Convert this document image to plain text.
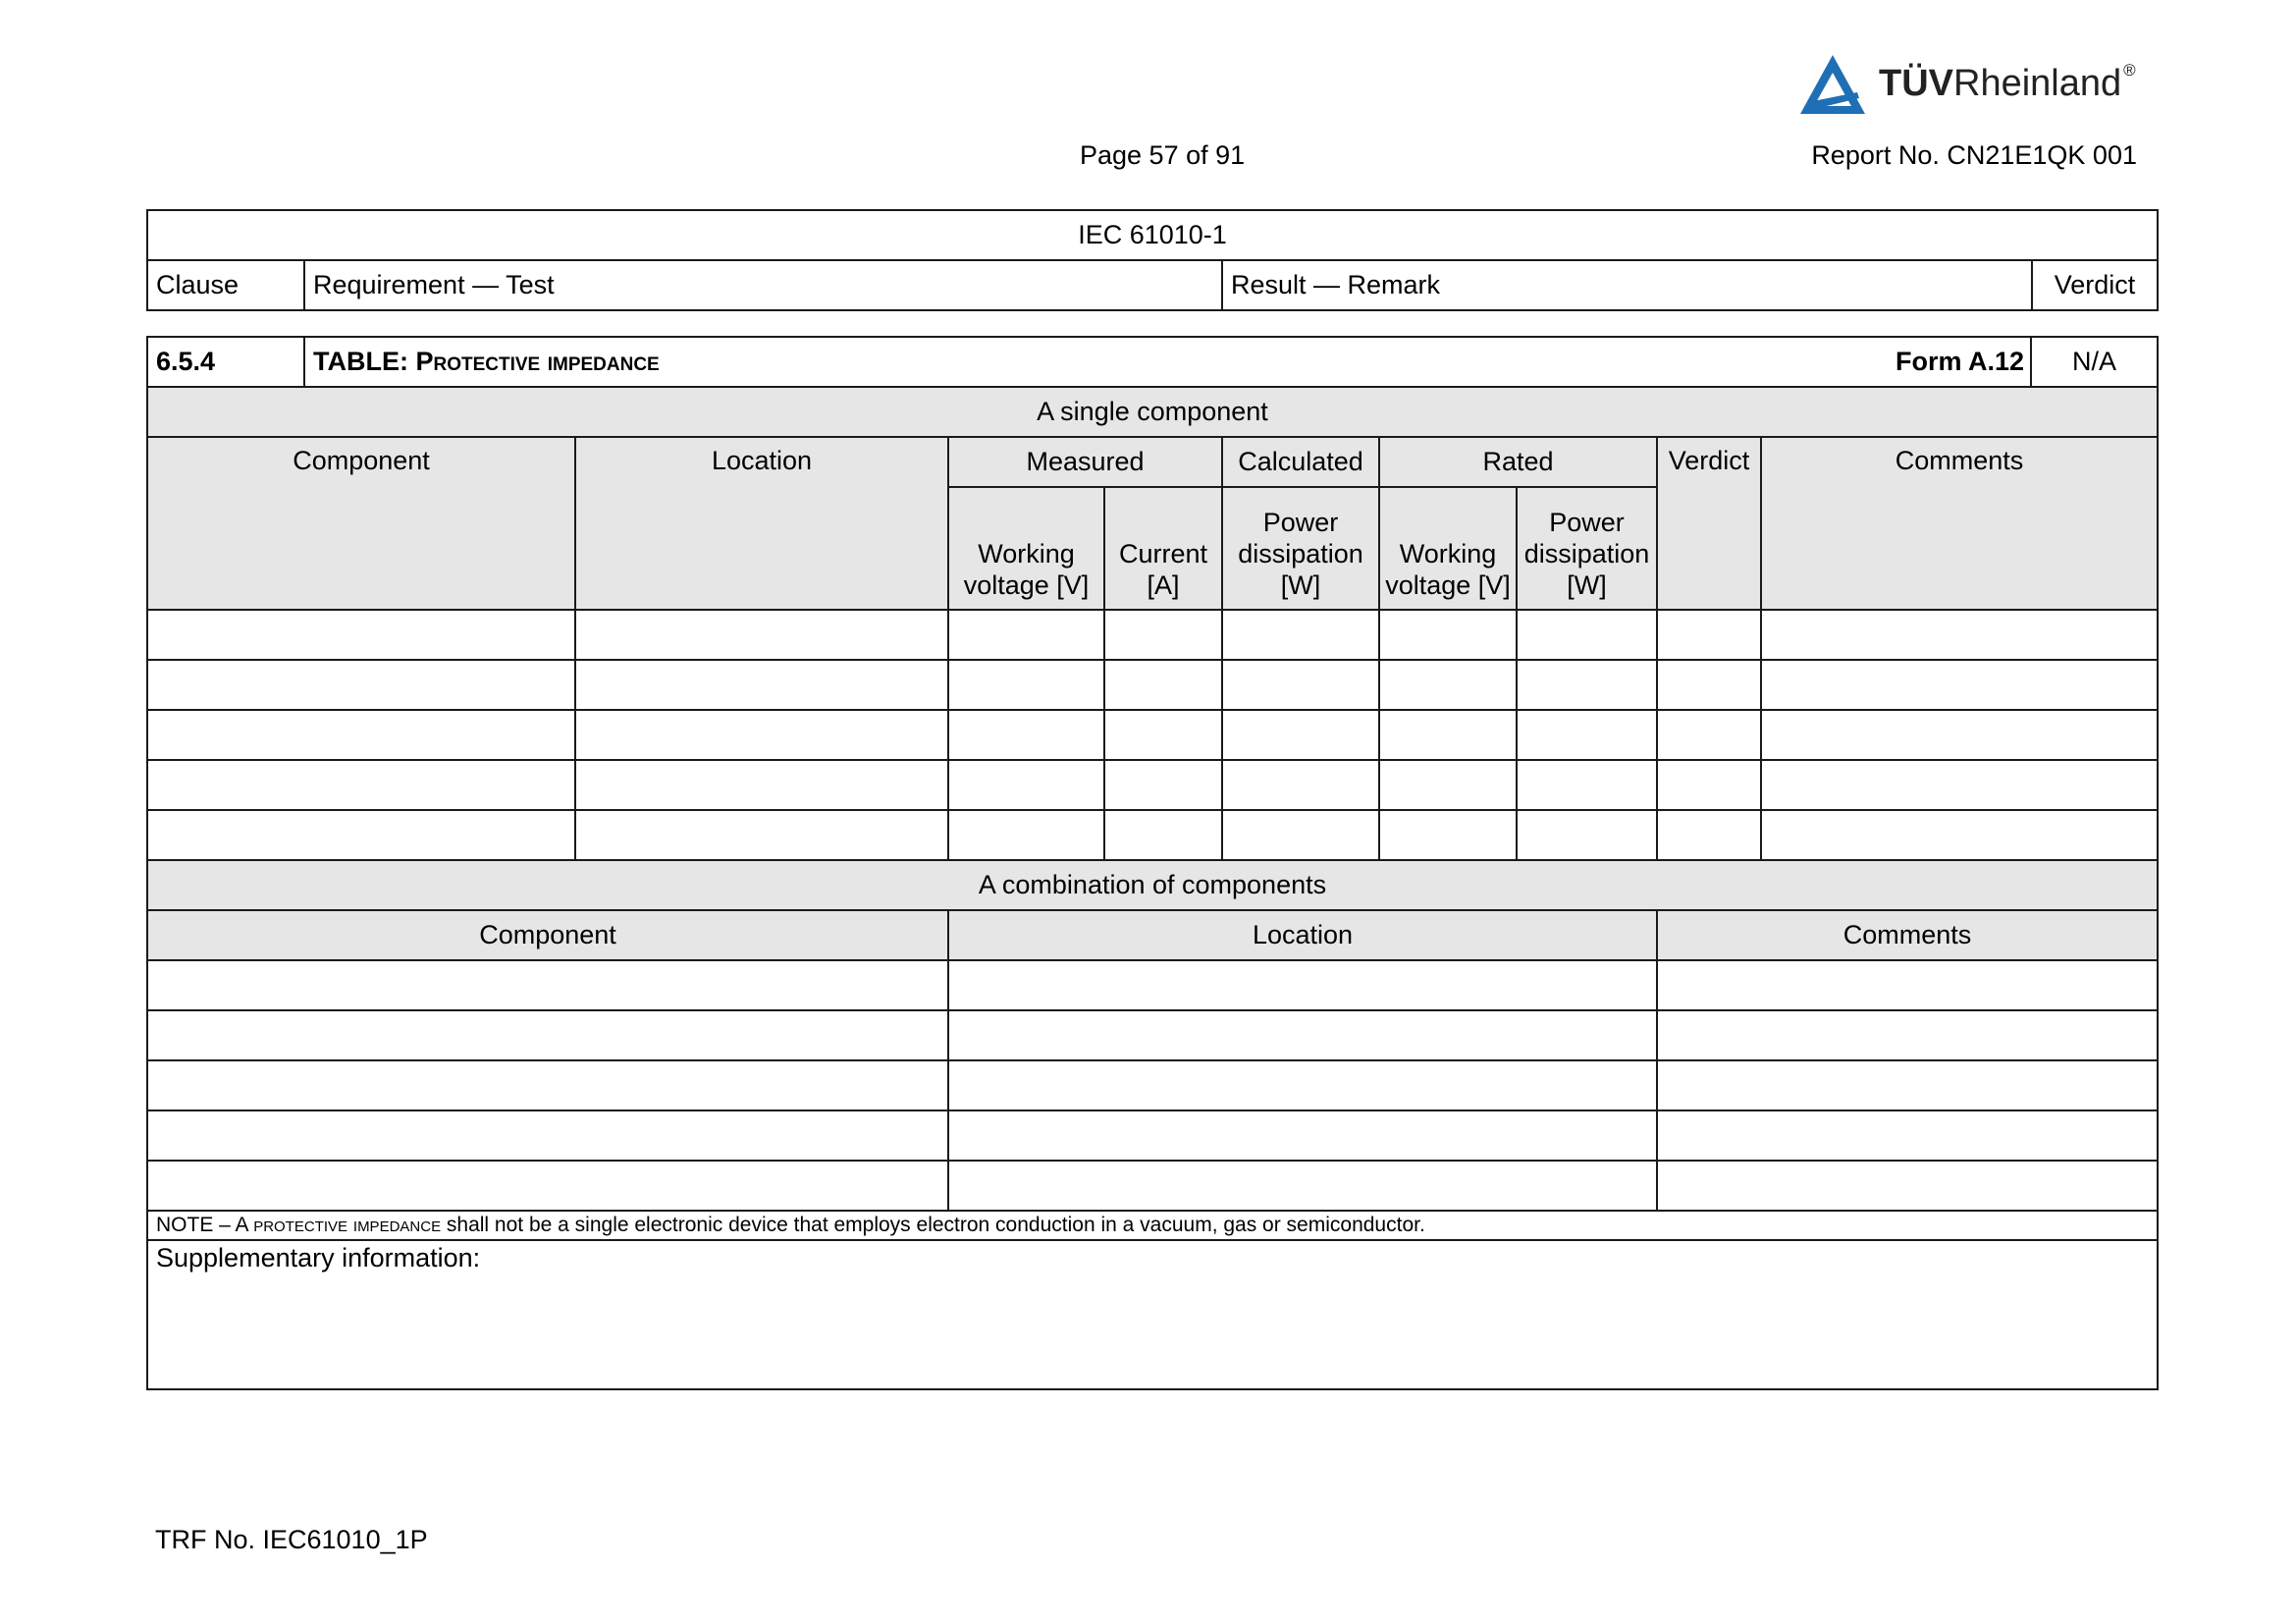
TÜVRheinland ®
Page 57 of 91	Report No. CN21E1QK 001
IEC 61010-1
Clause	Requirement — Test	Result — Remark	Verdict
6.5.4	TABLE: Protective impedance Form A.12									N/A
A single component										
Component		Location	Measured		Calculated	Rated		Verdict	Comments	
			Working voltage [V]	Current [A]	Power dissipation [W]	Working voltage [V]	Power dissipation [W]			

A combination of components										
Component			Location					Comments		

NOTE – A protective impedance shall not be a single electronic device that employs electron conduction in a vacuum, gas or semiconductor.										
Supplementary information:										
TRF No. IEC61010_1P
